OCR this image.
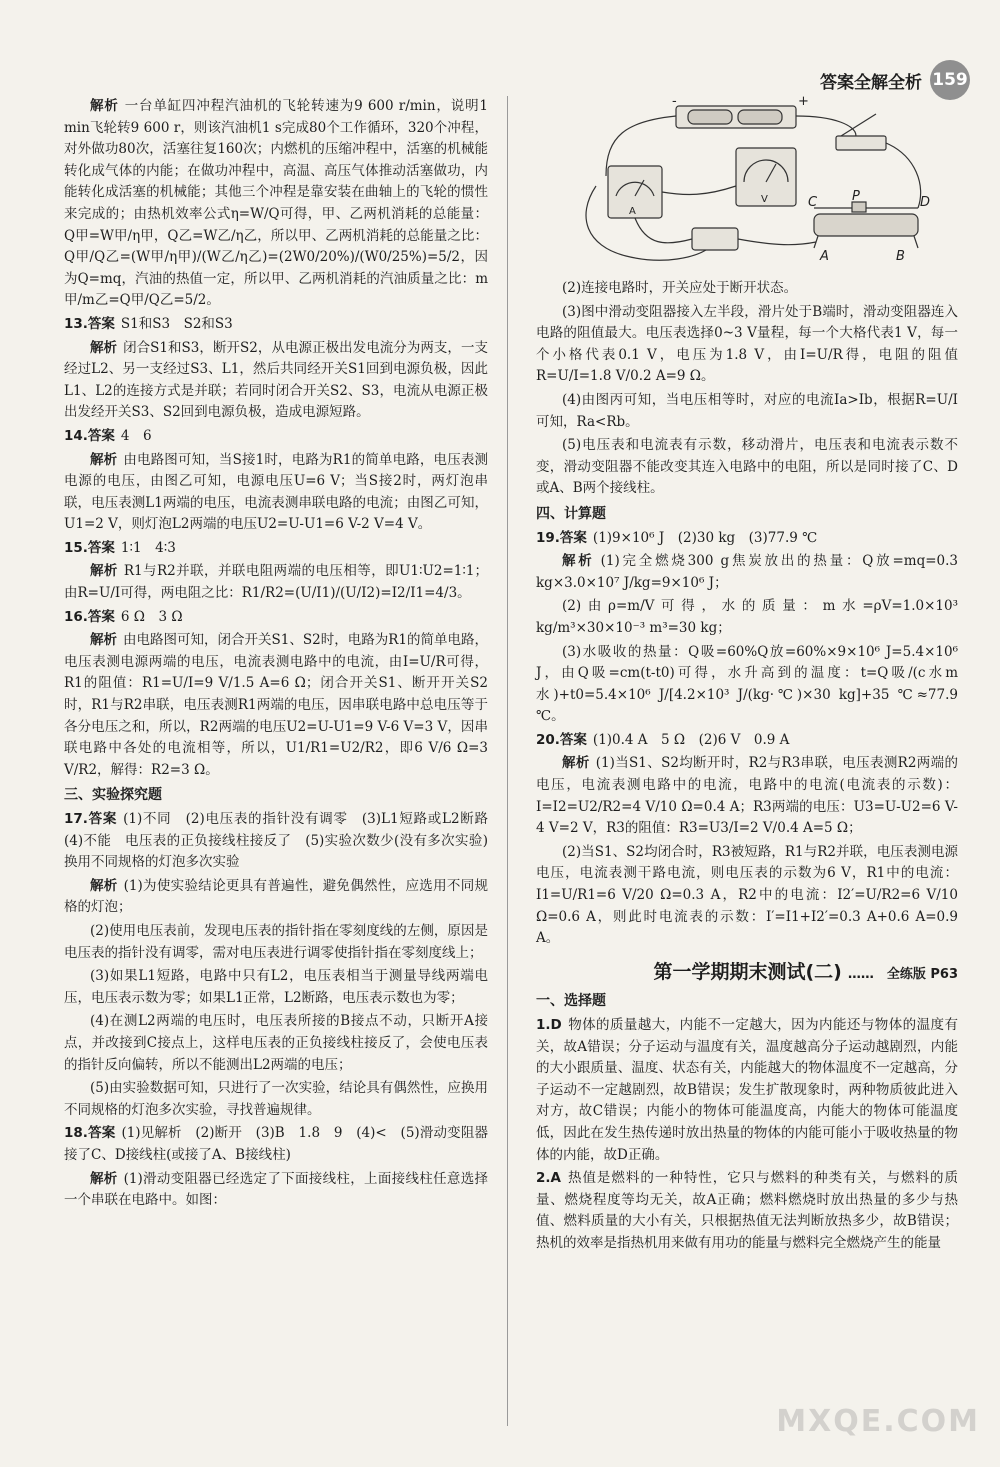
答案全解全析 159

解析 一台单缸四冲程汽油机的飞轮转速为9 600 r/min，说明1 min飞轮转9 600 r，则该汽油机1 s完成80个工作循环，320个冲程，对外做功80次，活塞往复160次；内燃机的压缩冲程中，活塞的机械能转化成气体的内能；在做功冲程中，高温、高压气体推动活塞做功，内能转化成活塞的机械能；其他三个冲程是靠安装在曲轴上的飞轮的惯性来完成的；由热机效率公式η=W/Q可得，甲、乙两机消耗的总能量：Q甲=W甲/η甲，Q乙=W乙/η乙，所以甲、乙两机消耗的总能量之比：Q甲/Q乙=(W甲/η甲)/(W乙/η乙)=(2W0/20%)/(W0/25%)=5/2，因为Q=mq，汽油的热值一定，所以甲、乙两机消耗的汽油质量之比：m甲/m乙=Q甲/Q乙=5/2。

13.答案 S1和S3　S2和S3

解析 闭合S1和S3，断开S2，从电源正极出发电流分为两支，一支经过L2、另一支经过S3、L1，然后共同经开关S1回到电源负极，因此L1、L2的连接方式是并联；若同时闭合开关S2、S3，电流从电源正极出发经开关S3、S2回到电源负极，造成电源短路。

14.答案 4　6

解析 由电路图可知，当S接1时，电路为R1的简单电路，电压表测电源的电压，由图乙可知，电源电压U=6 V；当S接2时，两灯泡串联，电压表测L1两端的电压，电流表测串联电路的电流；由图乙可知，U1=2 V，则灯泡L2两端的电压U2=U-U1=6 V-2 V=4 V。

15.答案 1∶1　4∶3

解析 R1与R2并联，并联电阻两端的电压相等，即U1∶U2=1∶1；由R=U/I可得，两电阻之比：R1/R2=(U/I1)/(U/I2)=I2/I1=4/3。

16.答案 6 Ω　3 Ω

解析 由电路图可知，闭合开关S1、S2时，电路为R1的简单电路，电压表测电源两端的电压，电流表测电路中的电流，由I=U/R可得，R1的阻值：R1=U/I=9 V/1.5 A=6 Ω；闭合开关S1、断开开关S2时，R1与R2串联，电压表测R1两端的电压，因串联电路中总电压等于各分电压之和，所以，R2两端的电压U2=U-U1=9 V-6 V=3 V，因串联电路中各处的电流相等，所以，U1/R1=U2/R2，即6 V/6 Ω=3 V/R2，解得：R2=3 Ω。

三、实验探究题

17.答案 (1)不同　(2)电压表的指针没有调零　(3)L1短路或L2断路　(4)不能　电压表的正负接线柱接反了　(5)实验次数少(没有多次实验)　换用不同规格的灯泡多次实验

解析 (1)为使实验结论更具有普遍性，避免偶然性，应选用不同规格的灯泡；

(2)使用电压表前，发现电压表的指针指在零刻度线的左侧，原因是电压表的指针没有调零，需对电压表进行调零使指针指在零刻度线上；

(3)如果L1短路，电路中只有L2，电压表相当于测量导线两端电压，电压表示数为零；如果L1正常，L2断路，电压表示数也为零；

(4)在测L2两端的电压时，电压表所接的B接点不动，只断开A接点，并改接到C接点上，这样电压表的正负接线柱接反了，会使电压表的指针反向偏转，所以不能测出L2两端的电压；

(5)由实验数据可知，只进行了一次实验，结论具有偶然性，应换用不同规格的灯泡多次实验，寻找普遍规律。

18.答案 (1)见解析　(2)断开　(3)B　1.8　9　(4)<　(5)滑动变阻器接了C、D接线柱(或接了A、B接线柱)

解析 (1)滑动变阻器已经选定了下面接线柱，上面接线柱任意选择一个串联在电路中。如图：

-	+
A
V	C	P	D
A	B

(2)连接电路时，开关应处于断开状态。

(3)图中滑动变阻器接入左半段，滑片处于B端时，滑动变阻器连入电路的阻值最大。电压表选择0~3 V量程，每一个大格代表1 V，每一个小格代表0.1 V，电压为1.8 V，由I=U/R得，电阻的阻值R=U/I=1.8 V/0.2 A=9 Ω。

(4)由图丙可知，当电压相等时，对应的电流Ia>Ib，根据R=U/I可知，Ra<Rb。

(5)电压表和电流表有示数，移动滑片，电压表和电流表示数不变，滑动变阻器不能改变其连入电路中的电阻，所以是同时接了C、D或A、B两个接线柱。

四、计算题

19.答案 (1)9×10⁶ J　(2)30 kg　(3)77.9 ℃

解析 (1)完全燃烧300 g焦炭放出的热量：Q放=mq=0.3 kg×3.0×10⁷ J/kg=9×10⁶ J；

(2)由ρ=m/V可得，水的质量：m水=ρV=1.0×10³ kg/m³×30×10⁻³ m³=30 kg；

(3)水吸收的热量：Q吸=60%Q放=60%×9×10⁶ J=5.4×10⁶ J，由Q吸=cm(t-t0)可得，水升高到的温度：t=Q吸/(c水m水)+t0=5.4×10⁶ J/[4.2×10³ J/(kg·℃)×30 kg]+35 ℃≈77.9 ℃。

20.答案 (1)0.4 A　5 Ω　(2)6 V　0.9 A

解析 (1)当S1、S2均断开时，R2与R3串联，电压表测R2两端的电压，电流表测电路中的电流，电路中的电流(电流表的示数)：I=I2=U2/R2=4 V/10 Ω=0.4 A；R3两端的电压：U3=U-U2=6 V-4 V=2 V，R3的阻值：R3=U3/I=2 V/0.4 A=5 Ω；

(2)当S1、S2均闭合时，R3被短路，R1与R2并联，电压表测电源电压，电流表测干路电流，则电压表的示数为6 V，R1中的电流：I1=U/R1=6 V/20 Ω=0.3 A，R2中的电流：I2′=U/R2=6 V/10 Ω=0.6 A，则此时电流表的示数：I′=I1+I2′=0.3 A+0.6 A=0.9 A。

第一学期期末测试(二) ……　全练版 P63
一、选择题

1.D 物体的质量越大，内能不一定越大，因为内能还与物体的温度有关，故A错误；分子运动与温度有关，温度越高分子运动越剧烈，内能的大小跟质量、温度、状态有关，内能越大的物体温度不一定越高，分子运动不一定越剧烈，故B错误；发生扩散现象时，两种物质彼此进入对方，故C错误；内能小的物体可能温度高，内能大的物体可能温度低，因此在发生热传递时放出热量的物体的内能可能小于吸收热量的物体的内能，故D正确。

2.A 热值是燃料的一种特性，它只与燃料的种类有关，与燃料的质量、燃烧程度等均无关，故A正确；燃料燃烧时放出热量的多少与热值、燃料质量的大小有关，只根据热值无法判断放热多少，故B错误；热机的效率是指热机用来做有用功的能量与燃料完全燃烧产生的能量

MXQE.COM
